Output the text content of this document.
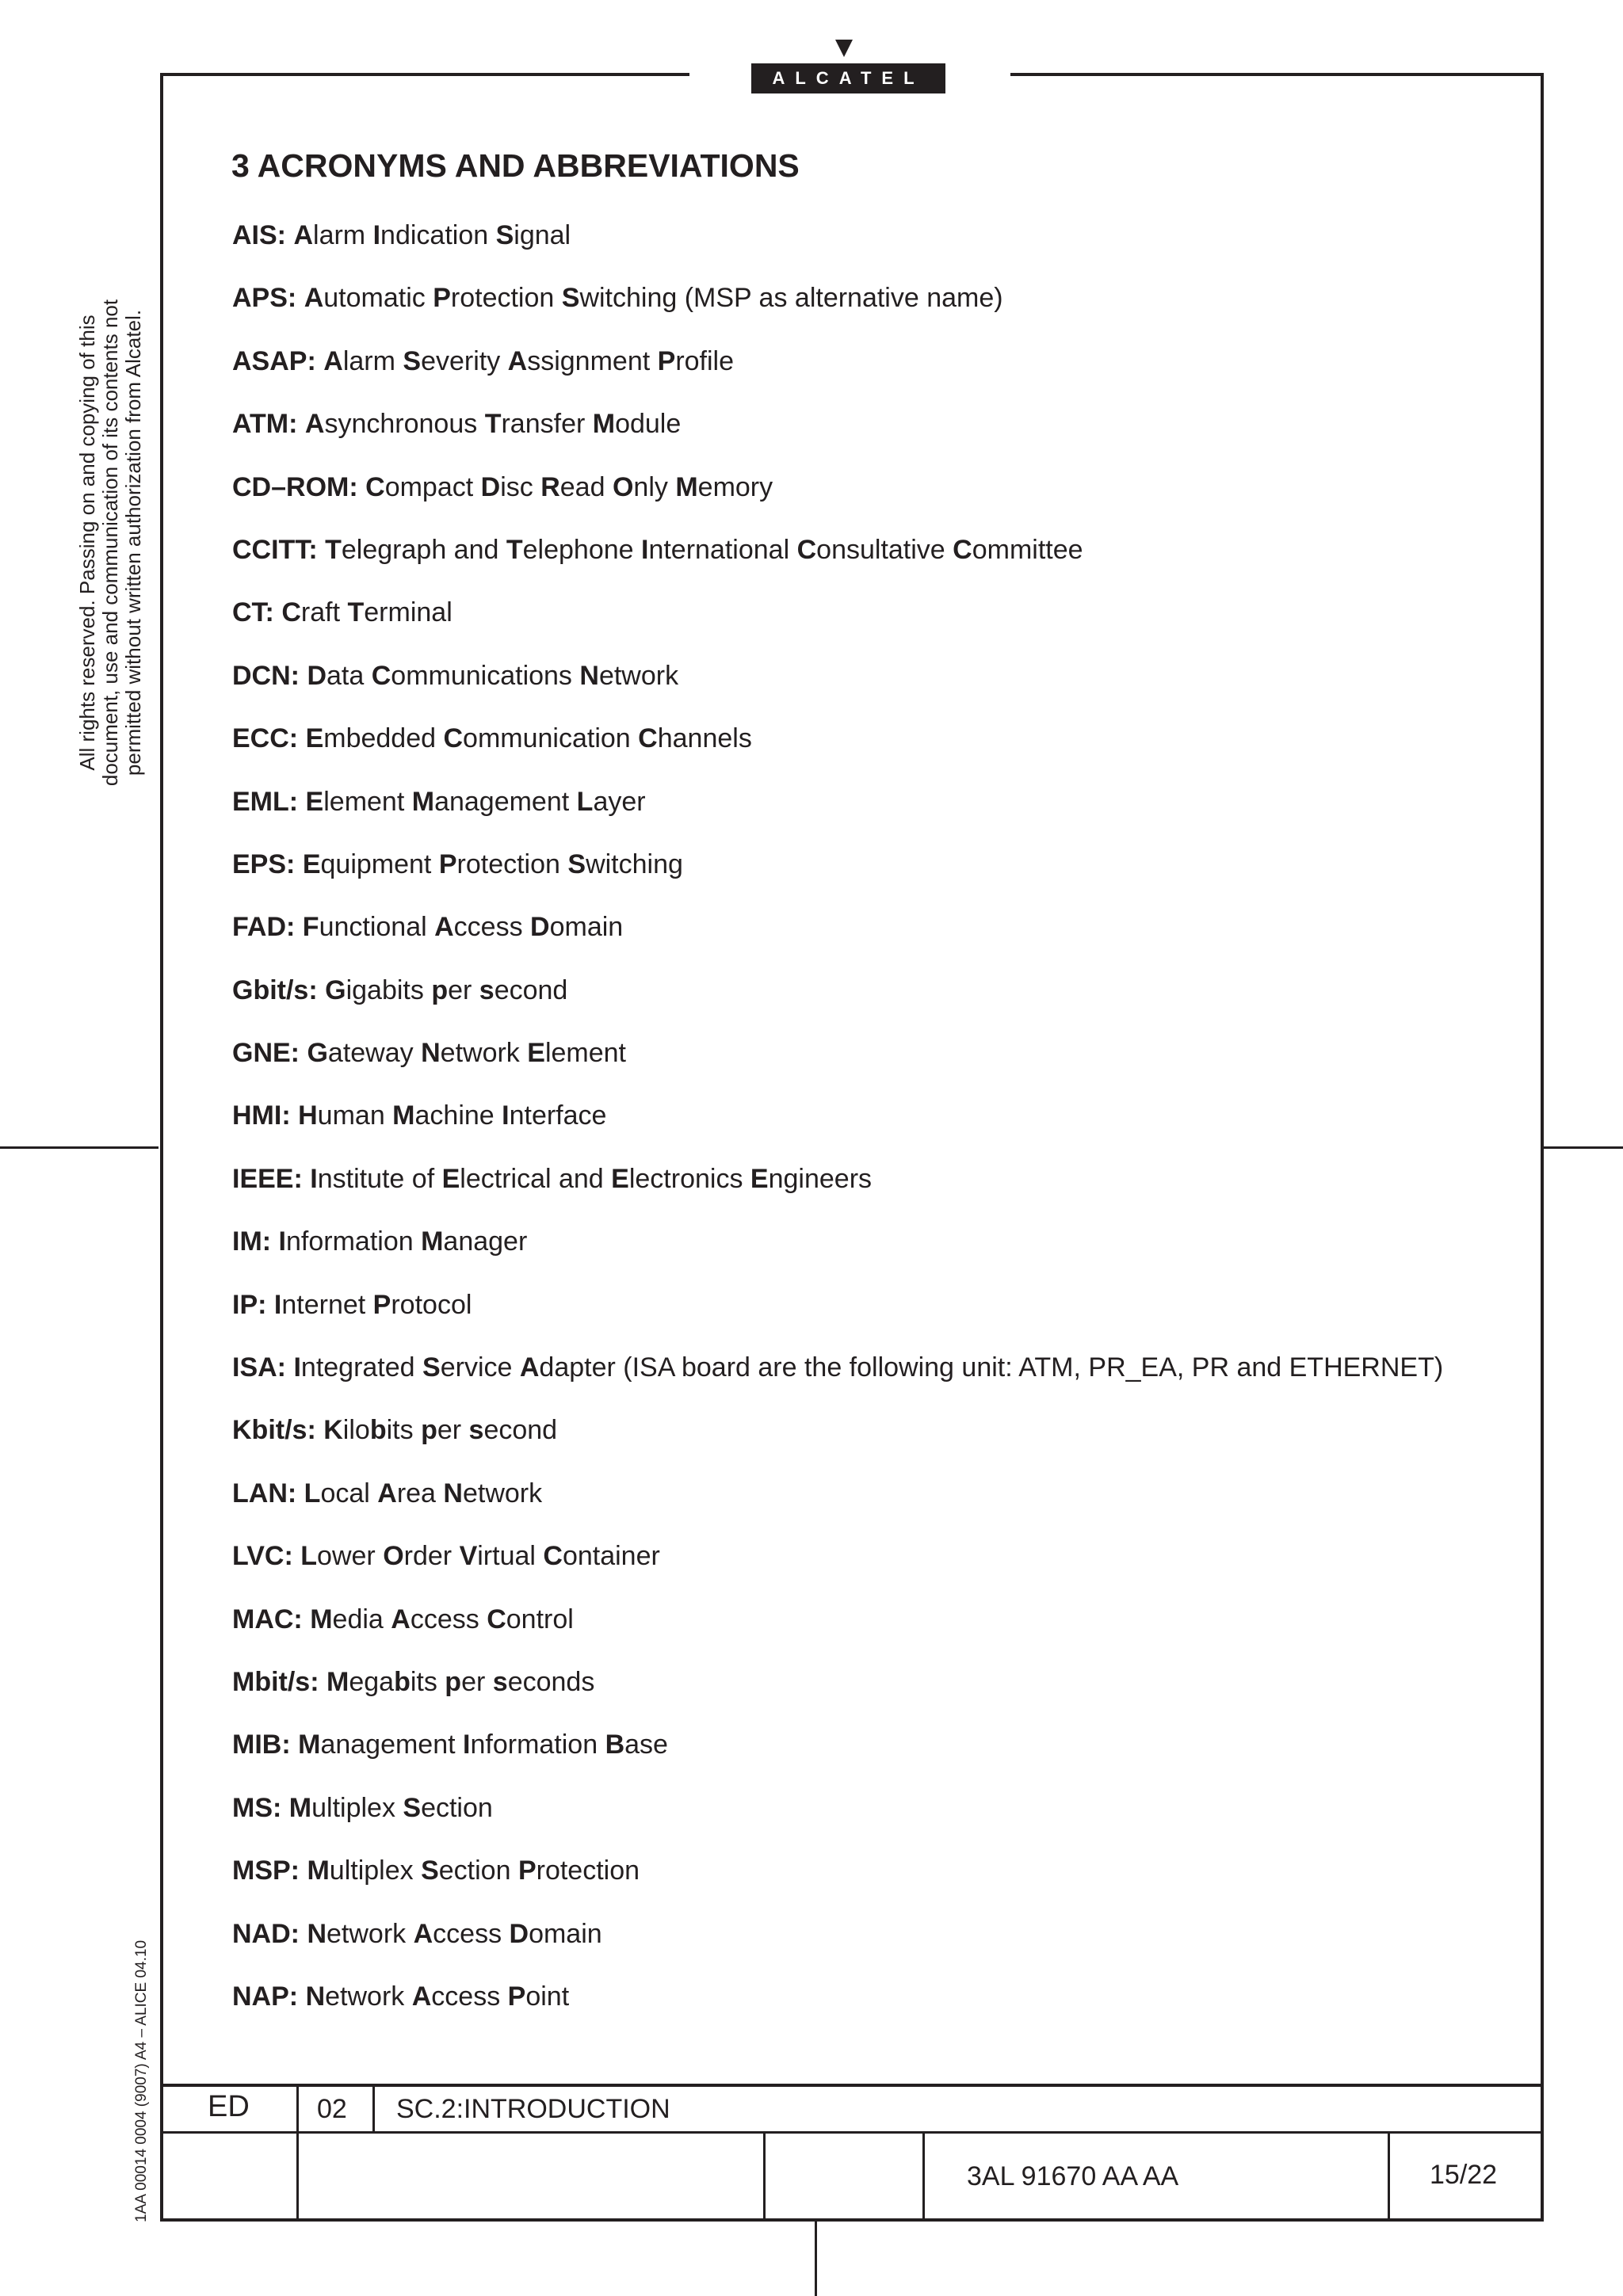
ALCATEL
All rights reserved. Passing on and copying of this document, use and communication of its contents not permitted without written authorization from Alcatel.
1AA 00014 0004 (9007) A4 – ALICE 04.10
3 ACRONYMS AND ABBREVIATIONS
AIS: Alarm Indication Signal
APS: Automatic Protection Switching (MSP as alternative name)
ASAP: Alarm Severity Assignment Profile
ATM: Asynchronous Transfer Module
CD–ROM: Compact Disc Read Only Memory
CCITT: Telegraph and Telephone International Consultative Committee
CT: Craft Terminal
DCN: Data Communications Network
ECC: Embedded Communication Channels
EML: Element Management Layer
EPS: Equipment Protection Switching
FAD: Functional Access Domain
Gbit/s: Gigabits per second
GNE: Gateway Network Element
HMI: Human Machine Interface
IEEE: Institute of Electrical and Electronics Engineers
IM: Information Manager
IP: Internet Protocol
ISA: Integrated Service Adapter (ISA board are the following unit: ATM, PR_EA, PR and ETHERNET)
Kbit/s: Kilobits per second
LAN: Local Area Network
LVC: Lower Order Virtual Container
MAC: Media Access Control
Mbit/s: Megabits per seconds
MIB: Management Information Base
MS: Multiplex Section
MSP: Multiplex Section Protection
NAD: Network Access Domain
NAP: Network Access Point
ED	02 SC.2:INTRODUCTION
3AL 91670 AA AA	15/22
